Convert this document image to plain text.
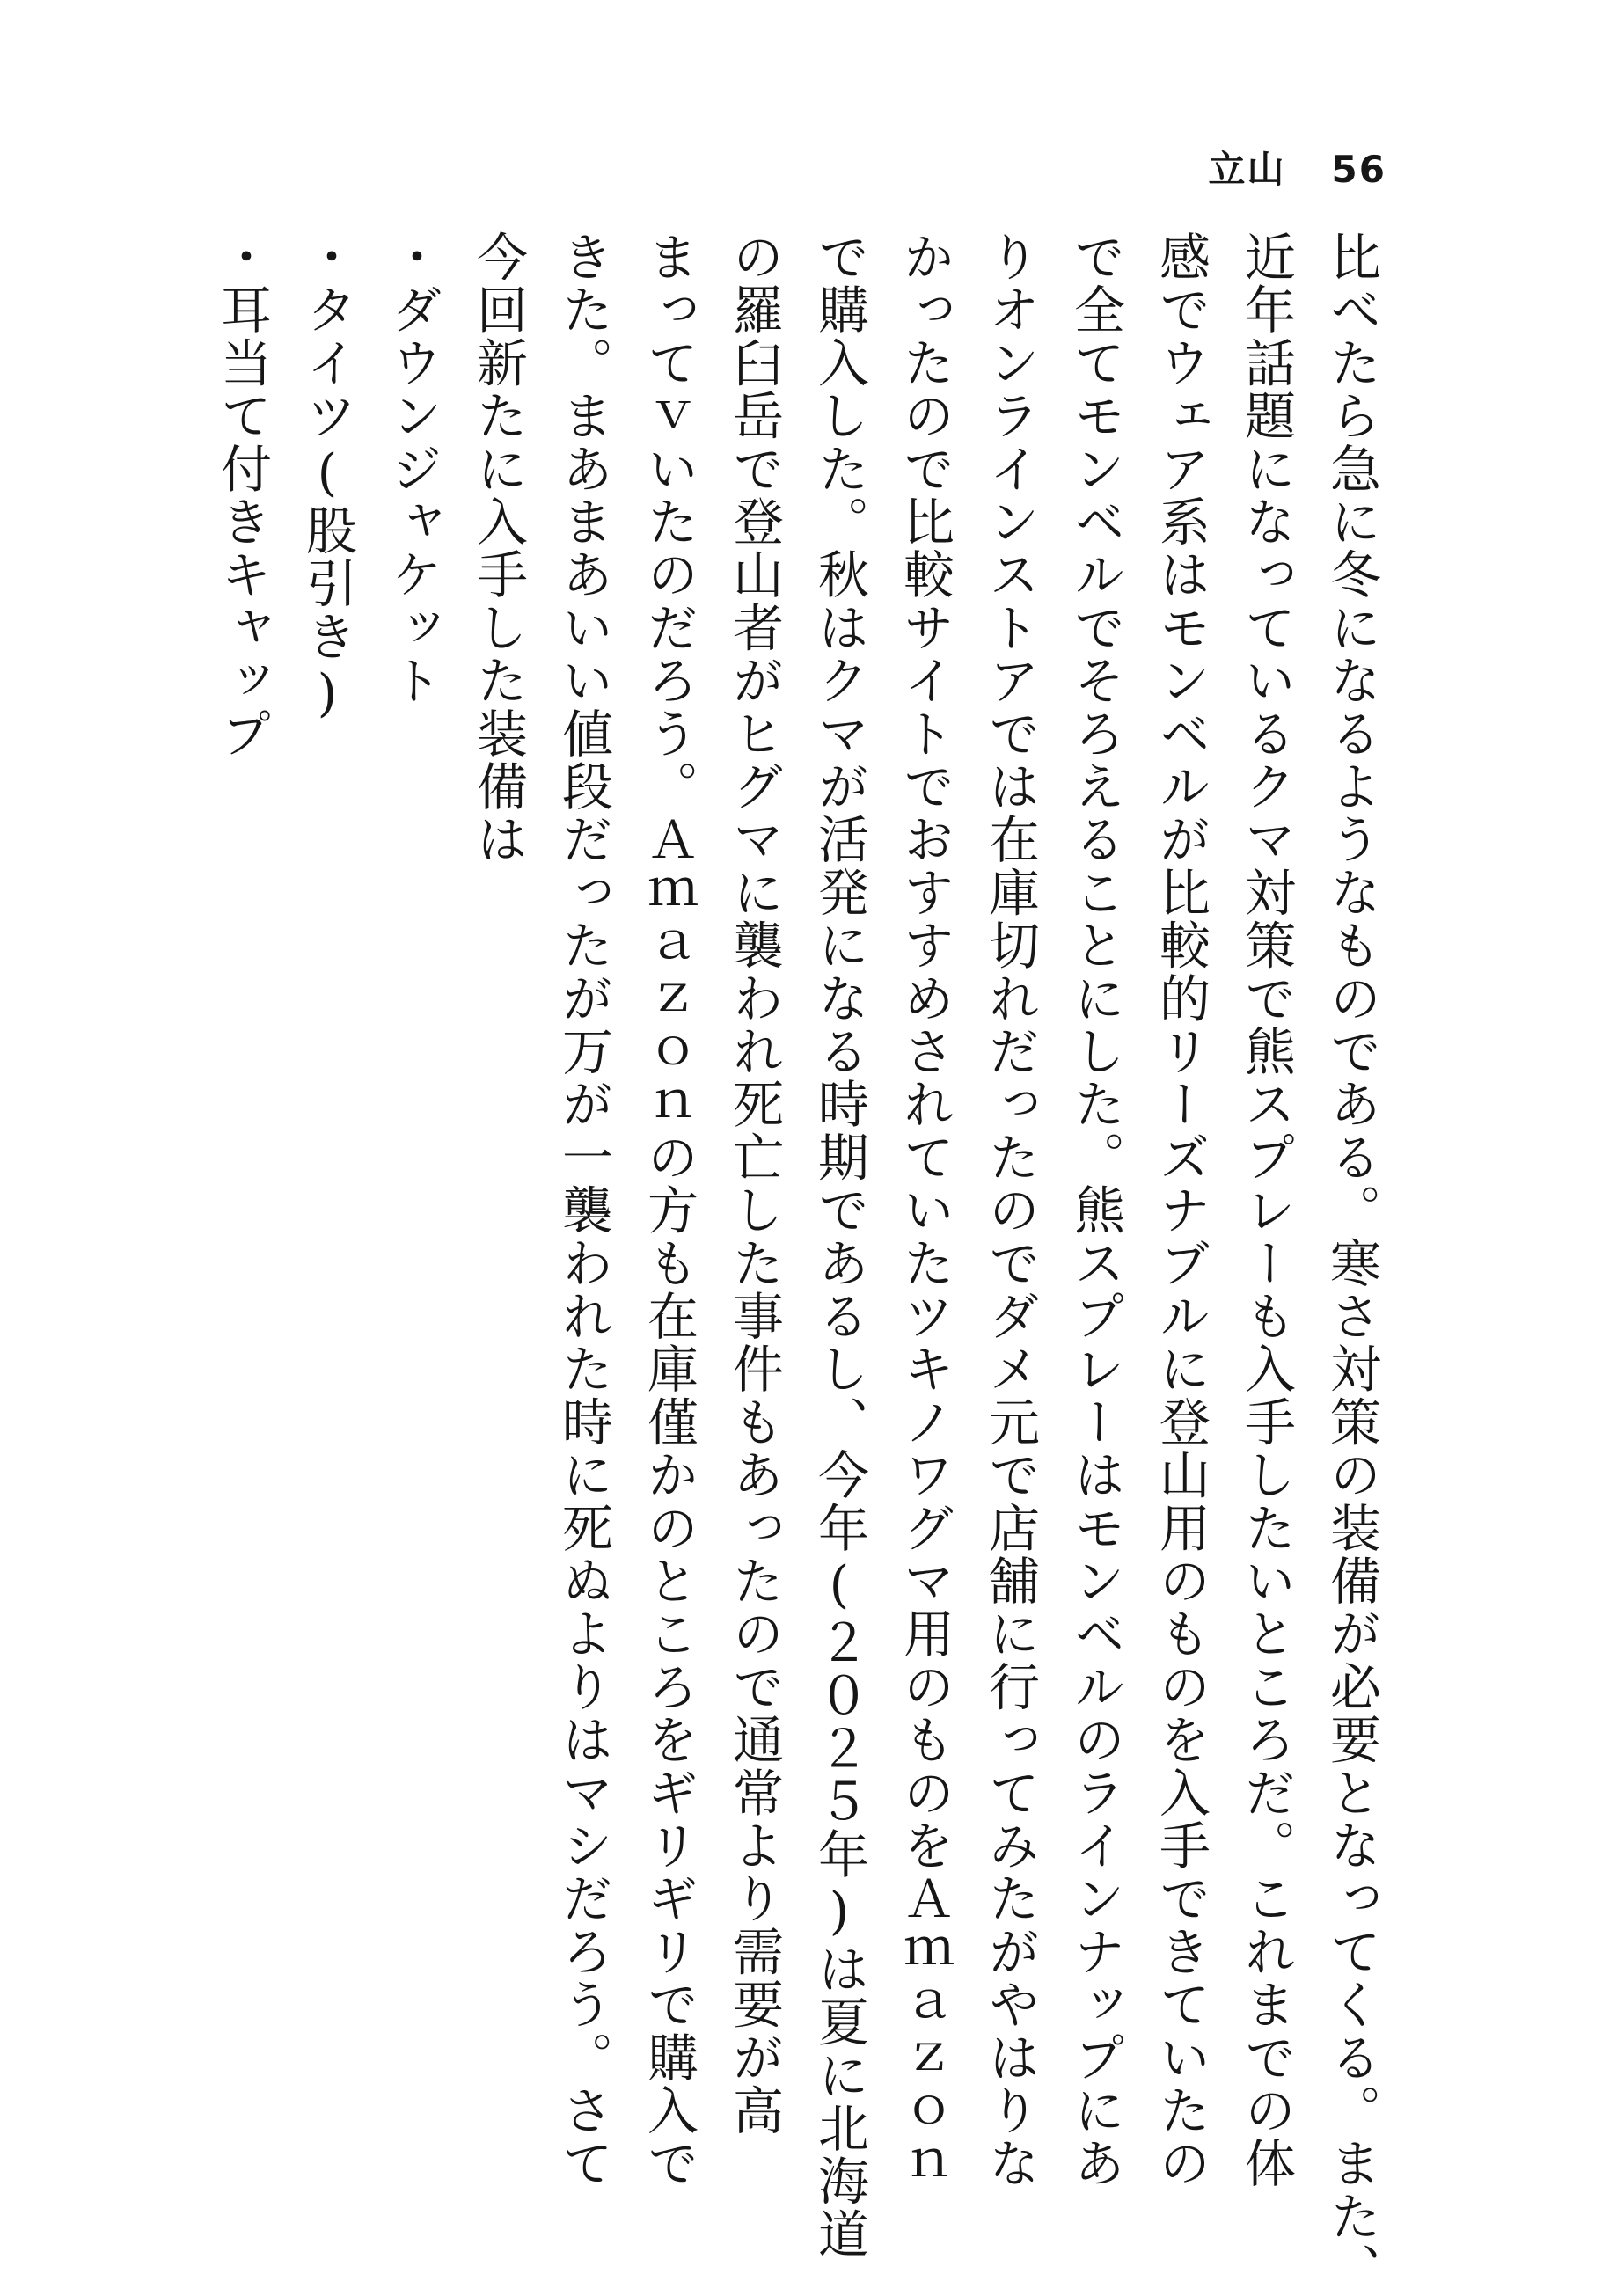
立山 56
比べたら急に冬になるようなものである。寒さ対策の装備が必要となってくる。また、
近年話題になっているクマ対策で熊スプレーも入手したいところだ。これまでの体
感でウェア系はモンベルが比較的リーズナブルに登山用のものを入手できていたの
で全てモンベルでそろえることにした。熊スプレーはモンベルのラインナップにあ
りオンラインストアでは在庫切れだったのでダメ元で店舗に行ってみたがやはりな
かったので比較サイトでおすすめされていたツキノワグマ用のものをＡｍａｚｏｎ
で購入した。秋はクマが活発になる時期であるし、今年(２０２５年)は夏に北海道
の羅臼岳で登山者がヒグマに襲われ死亡した事件もあったので通常より需要が高
まってｖいたのだろう。Ａｍａｚｏｎの方も在庫僅かのところをギリギリで購入で
きた。まあまあいい値段だったが万が一襲われた時に死ぬよりはマシだろう。さて
今回新たに入手した装備は
・ダウンジャケット
・タイツ(股引き)
・耳当て付きキャップ
